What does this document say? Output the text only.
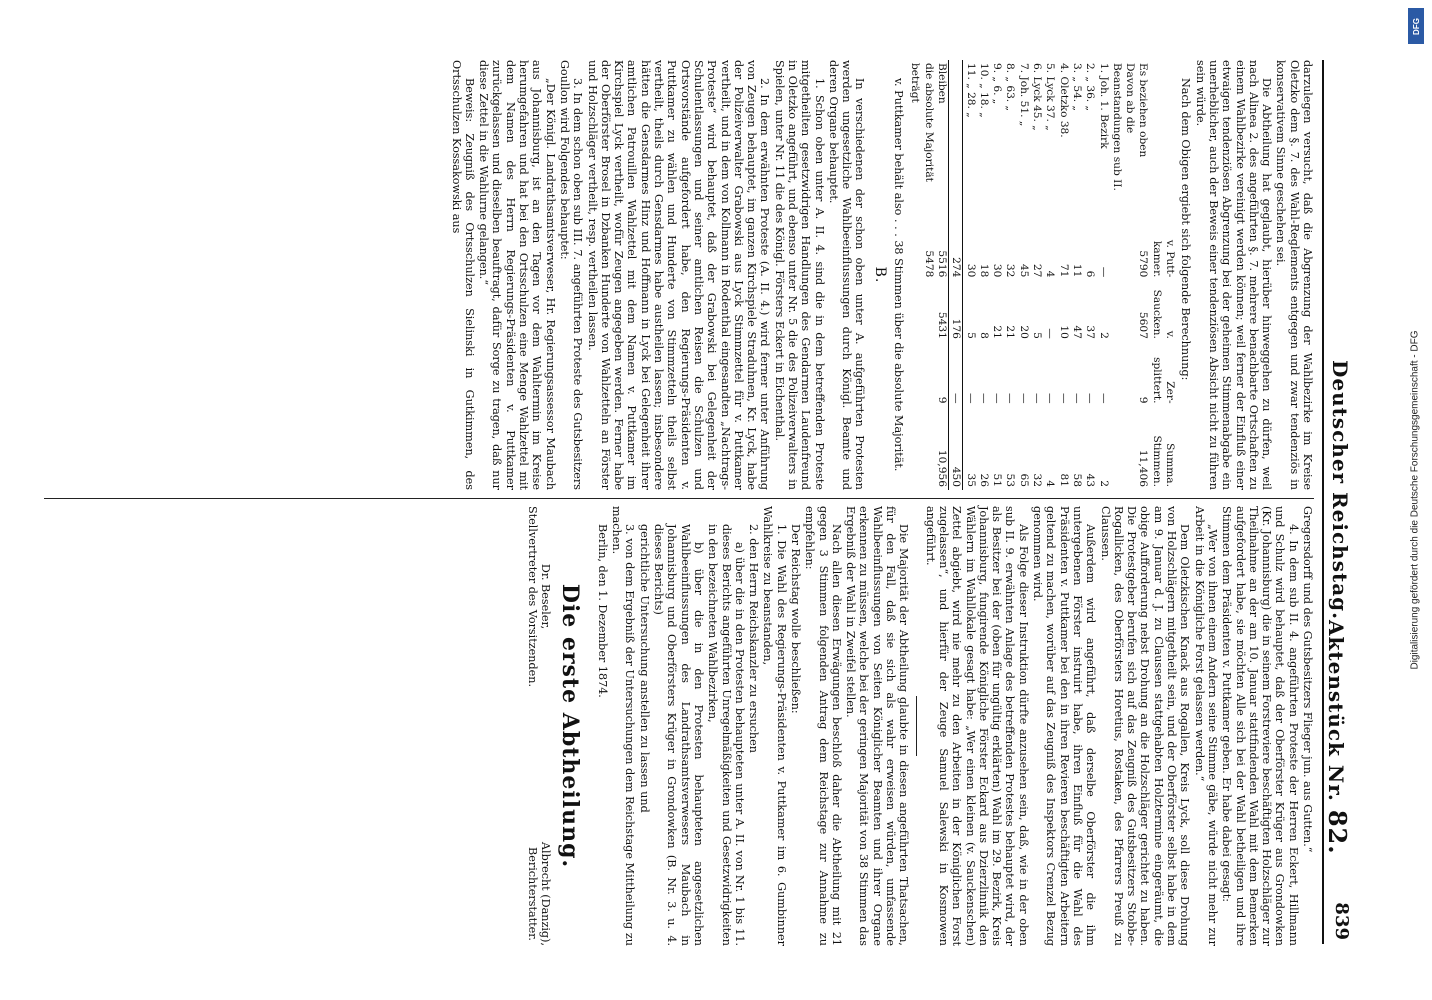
Deutscher Reichstag.
Aktenstück Nr. 82.
839

darzulegen versucht, daß die Abgrenzung der Wahlbezirke im Kreise Oletzko dem §. 7. des Wahl-Reglements entgegen und zwar tendenziös in konservativem Sinne geschehen sei.

Die Abtheilung hat geglaubt, hierüber hinweggehen zu dürfen, weil nach Alinea 2. des angeführten §. 7. mehrere benachbarte Ortschaften zu einem Wahlbezirke vereinigt werden können; weil ferner der Einfluß einer etwaigen tendenziösen Abgrenzung bei der geheimen Stimmenabgabe ein unerheblicher, auch der Beweis einer tendenziösen Absicht nicht zu führen sein würde.

Nach dem Obigen ergiebt sich folgende Berechnung:

	v. Putt-kamer.	v. Saucken.	Zer-splittert.	Summa. Stimmen.
Es beziehen oben	5790	5607	9	11,406
Davon ab die Beanstandungen sub II.				
1. Joh. 1. Bezirk	—	2	—	2
2. „ 36. „	6	37	—	43
3. „ 54. „	11	47	—	58
4. Oletzko 38.	71	10	—	81
5. Lyck 37. „	4	—	—	4
6. Lyck 45. „	27	5	—	32
7. Joh. 51. „	45	20	—	65
8. „ 63. „	32	21	—	53
9. „ 6. „	30	21	—	51
10. „ 18. „	18	8	—	26
11. „ 28. „	30	5	—	35
	274	176	—	450
Bleiben	5516	5431	9	10,956
die absolute Majorität beträgt	5478			

v. Puttkamer behält also . . . 38 Stimmen über die absolute Majorität.

B.

In verschiedenen der schon oben unter A. aufgeführten Protesten werden ungesetzliche Wahlbeeinflussungen durch Königl. Beamte und deren Organe behauptet.

1. Schon oben unter A. II. 4. sind die in dem betreffenden Proteste mitgetheilten gesetzwidrigen Handlungen des Gendarmen Laudenfreund in Oletzko angeführt, und ebenso unter Nr. 5 die des Polizeiverwalters in Spielen, unter Nr. 11 die des Königl. Försters Eckert in Eichenthal.

2. In dem erwähnten Proteste (A. II. 4.) wird ferner unter Anführung von Zeugen behauptet, im ganzen Kirchspiele Straduhnen, Kr. Lyck, habe der Polizeiverwalter Grabowski aus Lyck Stimmzettel für v. Puttkamer vertheilt, und in dem von Kollmann in Rodenthal eingesandten „Nachtrags-Proteste“ wird behauptet, daß der Grabowski bei Gelegenheit der Schulentlassungen und seiner amtlichen Reisen die Schulzen und Ortsvorstände aufgefordert habe, den Regierungs-Präsidenten v. Puttkamer zu wählen und Hunderte von Stimmzetteln theils selbst vertheilt, theils durch Gensdarmes habe austheilen lassen; insbesondere hätten die Gensdarmes Hinz und Hoffmann in Lyck bei Gelegenheit ihrer amtlichen Patrouillen Wahlzettel mit dem Namen v. Puttkamer im Kirchspiel Lyck vertheilt, wofür Zeugen angegeben werden. Ferner habe der Oberförster Brosel in Dzbanken Hunderte von Wahlzetteln an Förster und Holzschläger vertheilt, resp. vertheilen lassen.

3. In dem schon oben sub III. 7. angeführten Proteste des Gutsbesitzers Goullon wird Folgendes behauptet:

„Der Königl. Landrathsamtsverweser, Hr. Regierungsassessor Maubach aus Johannisburg, ist an den Tagen vor dem Wahltermin im Kreise herumgefahren und hat bei den Ortsschulzen eine Menge Wahlzettel mit dem Namen des Herrn Regierungs-Präsidenten v. Puttkamer zurückgelassen und dieselben beauftragt, dafür Sorge zu tragen, daß nur diese Zettel in die Wahlurne gelangen.“

Beweis: Zeugniß des Ortsschulzen Sielinski in Gutkimmen, des Ortsschulzen Kossakowski aus

Gregersdorff und des Gutsbesitzers Flieger jun. aus Gutten.“

4. In dem sub II. 4. angeführten Proteste der Herren Eckert, Hillmann und Schulz wird behauptet, daß der Oberförster Krüger aus Grondowken (Kr. Johannisburg) die in seinem Forstreviere beschäftigten Holzschläger zur Theilnahme an der am 10. Januar stattfindenden Wahl mit dem Bemerken aufgefordert habe, sie möchten Alle sich bei der Wahl betheiligen und ihre Stimmen dem Präsidenten v. Puttkamer geben. Er habe dabei gesagt:

„Wer von ihnen einem Andern seine Stimme gäbe, würde nicht mehr zur Arbeit in die Königliche Forst gelassen werden.“

Dem Oletzkischen Knack aus Rogallen, Kreis Lyck, soll diese Drohung von Holzschlägern mitgetheilt sein, und der Oberförster selbst habe in dem am 9. Januar d. J. zu Claussen stattgehabten Holztermine eingeräumt, die obige Aufforderung nebst Drohung an die Holzschläger gerichtet zu haben. Die Protestgeber berufen sich auf das Zeugniß des Gutsbesitzers Stobbe-Rogallicken, des Oberförsters Horetius, Rostaken, des Pfarrers Preuß zu Claussen.

Außerdem wird angeführt, daß derselbe Oberförster die ihm untergebenen Förster instruirt habe, ihren Einfluß für die Wahl des Präsidenten v. Puttkamer bei den in ihren Revieren beschäftigten Arbeitern geltend zu machen, worüber auf das Zeugniß des Inspektors Crenzel Bezug genommen wird.

Als Folge dieser Instruktion dürfte anzusehen sein, daß, wie in der oben sub II. 9. erwähnten Anlage des betreffenden Protestes behauptet wird, der als Besitzer bei der (oben für ungültig erklärten) Wahl im 29. Bezirk, Kreis Johannisburg, fungirende Königliche Förster Eckard aus Dzierzlinnik den Wählern im Wahllokale gesagt habe: „Wer einen kleinen (v. Sauckenschen) Zettel abgiebt, wird nie mehr zu den Arbeiten in der Königlichen Forst zugelassen“, und hierfür der Zeuge Samuel Salewski in Kosmowen angeführt.

Die Majorität der Abtheilung glaubte in diesen angeführten Thatsachen, für den Fall, daß sie sich als wahr erweisen würden, umfassende Wahlbeeinflussungen von Seiten Königlicher Beamten und ihrer Organe erkennen zu müssen, welche bei der geringen Majorität von 38 Stimmen das Ergebniß der Wahl in Zweifel stellen.

Nach allen diesen Erwägungen beschloß daher die Abtheilung mit 21 gegen 3 Stimmen folgenden Antrag dem Reichstage zur Annahme zu empfehlen:

Der Reichstag wolle beschließen:

1. Die Wahl des Regierungs-Präsidenten v. Puttkamer im 6. Gumbinner Wahlkreise zu beanstanden,

2. den Herrn Reichskanzler zu ersuchen

a) über die in den Protesten behaupteten unter A. II. von Nr. 1 bis 11. dieses Berichts angeführten Unregelmäßigkeiten und Gesetzwidrigkeiten in den bezeichneten Wahlbezirken,

b) über die in den Protesten behaupteten angesetzlichen Wahlbeeinflussungen des Landrathsamtsverwesers Maubach in Johannisburg und Oberförsters Krüger in Grondowken (B. Nr. 3. u. 4. dieses Berichts)

gerichtliche Untersuchung anstellen zu lassen und

3. von dem Ergebniß der Untersuchungen dem Reichstage Mittheilung zu machen.

Berlin, den 1. Dezember 1874.

Die erste Abtheilung.
Dr. Beseler,
Stellvertreter des Vorsitzenden.
Albrecht (Danzig),
Berichterstatter.
Digitalisierung gefördert durch die Deutsche Forschungsgemeinschaft - DFG
DFG
